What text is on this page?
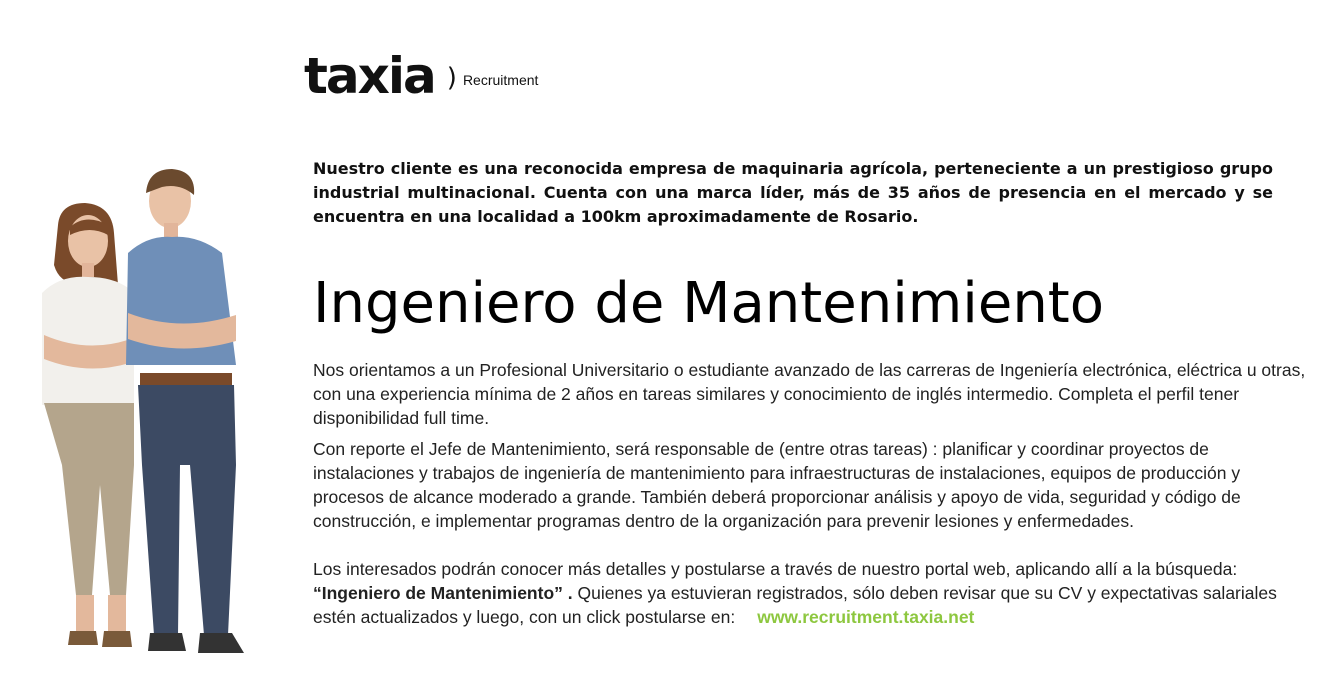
taxia ) Recruitment

Nuestro cliente es una reconocida empresa de maquinaria agrícola, perteneciente a un prestigioso grupo industrial multinacional. Cuenta con una marca líder, más de 35 años de presencia en el mercado y se encuentra en una localidad a 100km aproximadamente de Rosario.

Ingeniero de Mantenimiento

Nos orientamos a un Profesional Universitario o estudiante avanzado de las carreras de Ingeniería electrónica, eléctrica u otras, con una experiencia mínima de 2 años en tareas similares y conocimiento de inglés intermedio. Completa el perfil tener disponibilidad full time.

Con reporte el Jefe de Mantenimiento, será responsable de (entre otras tareas) : planificar y coordinar proyectos de instalaciones y trabajos de ingeniería de mantenimiento para infraestructuras de instalaciones, equipos de producción y procesos de alcance moderado a grande. También deberá proporcionar análisis y apoyo de vida, seguridad y código de construcción, e implementar programas dentro de la organización para prevenir lesiones y enfermedades.

Los interesados podrán conocer más detalles y postularse a través de nuestro portal web, aplicando allí a la búsqueda:
“Ingeniero de Mantenimiento” . Quienes ya estuvieran registrados, sólo deben revisar que su CV y expectativas salariales estén actualizados y luego, con un click postularse en: www.recruitment.taxia.net
